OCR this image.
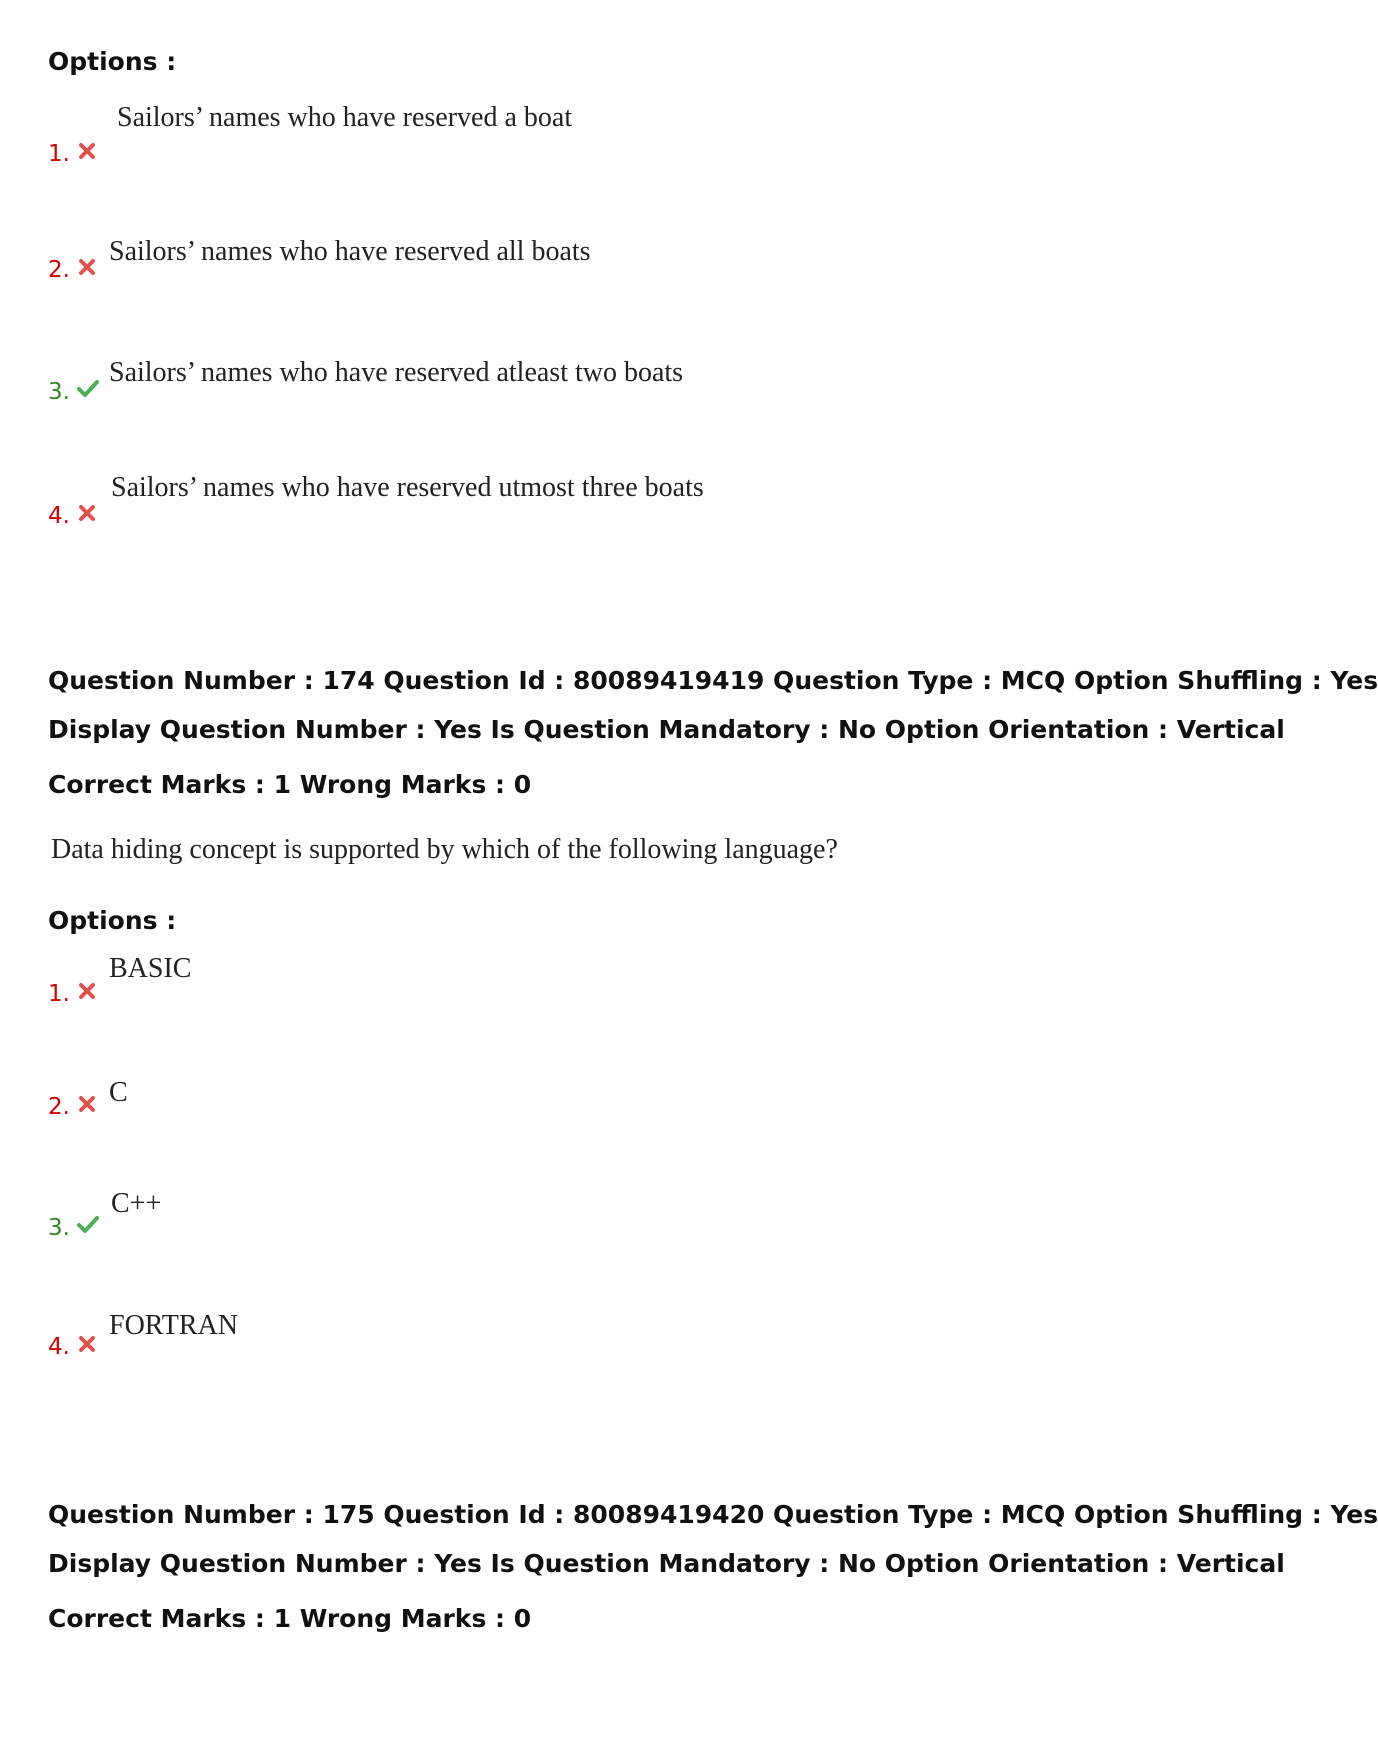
Options :
Sailors’ names who have reserved a boat
1.
Sailors’ names who have reserved all boats
2.
Sailors’ names who have reserved atleast two boats
3.
Sailors’ names who have reserved utmost three boats
4.
Question Number : 174 Question Id : 80089419419 Question Type : MCQ Option Shuffling : Yes
Display Question Number : Yes Is Question Mandatory : No Option Orientation : Vertical
Correct Marks : 1 Wrong Marks : 0
Data hiding concept is supported by which of the following language?
Options :
BASIC
1.
C
2.
C++
3.
FORTRAN
4.
Question Number : 175 Question Id : 80089419420 Question Type : MCQ Option Shuffling : Yes
Display Question Number : Yes Is Question Mandatory : No Option Orientation : Vertical
Correct Marks : 1 Wrong Marks : 0
